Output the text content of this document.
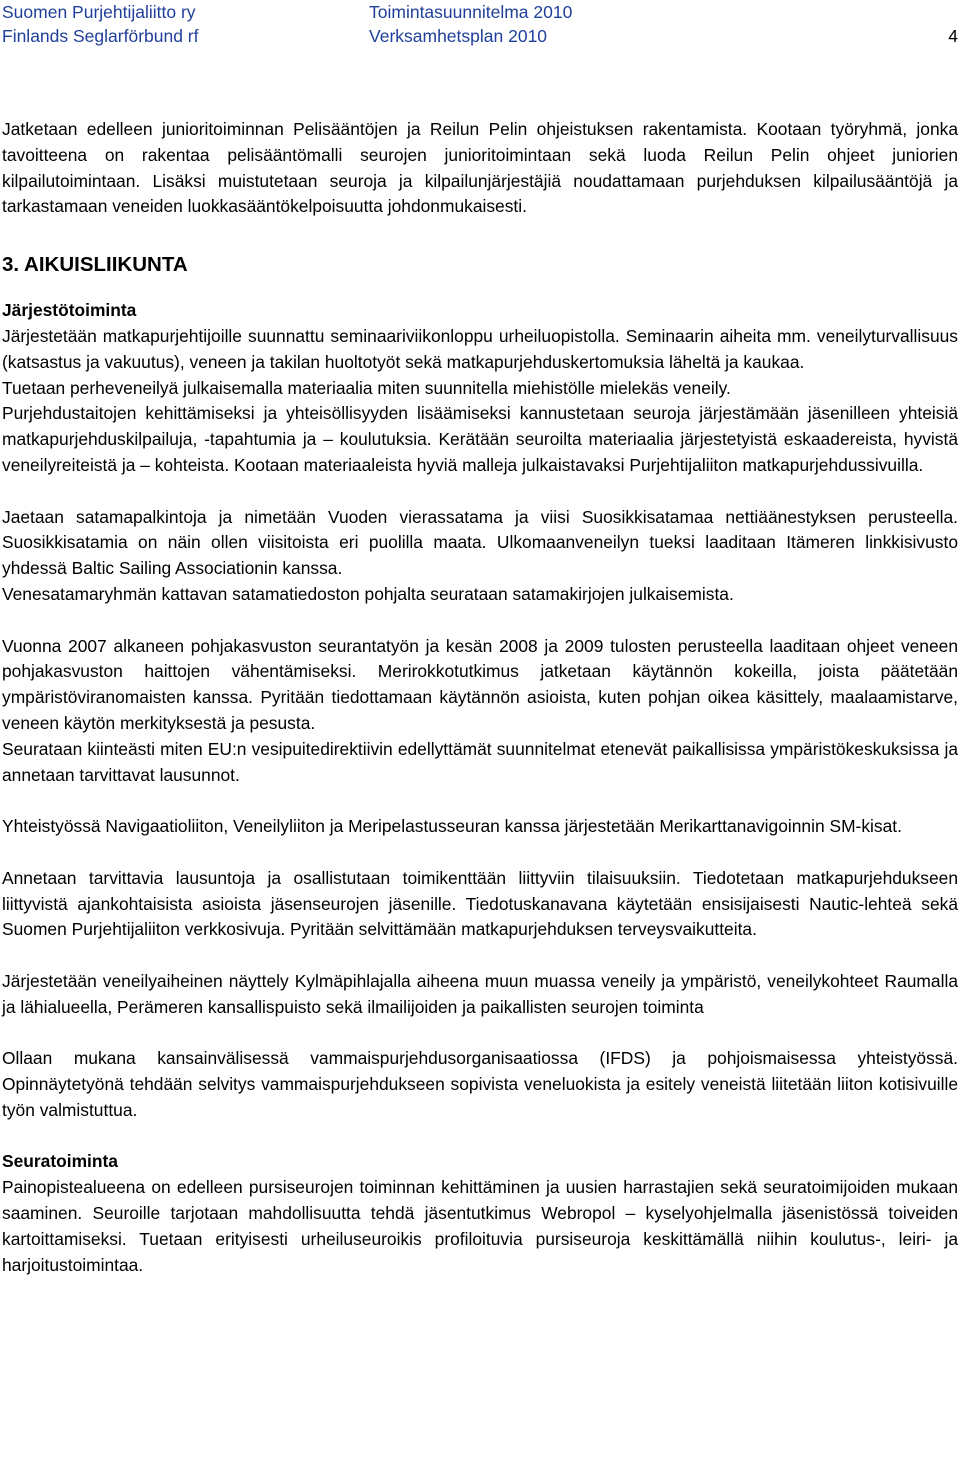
Suomen Purjehtijaliitto ry	Toimintasuunnitelma 2010
Finlands Seglarförbund rf	Verksamhetsplan 2010	4

Jatketaan edelleen junioritoiminnan Pelisääntöjen ja Reilun Pelin ohjeistuksen rakentamista. Kootaan työryhmä, jonka tavoitteena on rakentaa pelisääntömalli seurojen junioritoimintaan sekä luoda Reilun Pelin ohjeet juniorien kilpailutoimintaan. Lisäksi muistutetaan seuroja ja kilpailunjärjestäjiä noudattamaan purjehduksen kilpailusääntöjä ja tarkastamaan veneiden luokkasääntökelpoisuutta johdonmukaisesti.

3. AIKUISLIIKUNTA

Järjestötoiminta

Järjestetään matkapurjehtijoille suunnattu seminaariviikonloppu urheiluopistolla. Seminaarin aiheita mm. veneilyturvallisuus (katsastus ja vakuutus), veneen ja takilan huoltotyöt sekä matkapurjehduskertomuksia läheltä ja kaukaa.

Tuetaan perheveneilyä julkaisemalla materiaalia miten suunnitella miehistölle mielekäs veneily.

Purjehdustaitojen kehittämiseksi ja yhteisöllisyyden lisäämiseksi kannustetaan seuroja järjestämään jäsenilleen yhteisiä matkapurjehduskilpailuja, -tapahtumia ja – koulutuksia. Kerätään seuroilta materiaalia järjestetyistä eskaadereista, hyvistä veneilyreiteistä ja – kohteista. Kootaan materiaaleista hyviä malleja julkaistavaksi Purjehtijaliiton matkapurjehdussivuilla.

Jaetaan satamapalkintoja ja nimetään Vuoden vierassatama ja viisi Suosikkisatamaa nettiäänestyksen perusteella. Suosikkisatamia on näin ollen viisitoista eri puolilla maata. Ulkomaanveneilyn tueksi laaditaan Itämeren linkkisivusto yhdessä Baltic Sailing Associationin kanssa.

Venesatamaryhmän kattavan satamatiedoston pohjalta seurataan satamakirjojen julkaisemista.

Vuonna 2007 alkaneen pohjakasvuston seurantatyön ja kesän 2008 ja 2009 tulosten perusteella laaditaan ohjeet veneen pohjakasvuston haittojen vähentämiseksi. Merirokkotutkimus jatketaan käytännön kokeilla, joista päätetään ympäristöviranomaisten kanssa. Pyritään tiedottamaan käytännön asioista, kuten pohjan oikea käsittely, maalaamistarve, veneen käytön merkityksestä ja pesusta.

Seurataan kiinteästi miten EU:n vesipuitedirektiivin edellyttämät suunnitelmat etenevät paikallisissa ympäristökeskuksissa ja annetaan tarvittavat lausunnot.

Yhteistyössä Navigaatioliiton, Veneilyliiton ja Meripelastusseuran kanssa järjestetään Merikarttanavigoinnin SM-kisat.

Annetaan tarvittavia lausuntoja ja osallistutaan toimikenttään liittyviin tilaisuuksiin. Tiedotetaan matkapurjehdukseen liittyvistä ajankohtaisista asioista jäsenseurojen jäsenille. Tiedotuskanavana käytetään ensisijaisesti Nautic-lehteä sekä Suomen Purjehtijaliiton verkkosivuja. Pyritään selvittämään matkapurjehduksen terveysvaikutteita.

Järjestetään veneilyaiheinen näyttely Kylmäpihlajalla aiheena muun muassa veneily ja ympäristö, veneilykohteet Raumalla ja lähialueella, Perämeren kansallispuisto sekä ilmailijoiden ja paikallisten seurojen toiminta

Ollaan mukana kansainvälisessä vammaispurjehdusorganisaatiossa (IFDS) ja pohjoismaisessa yhteistyössä. Opinnäytetyönä tehdään selvitys vammaispurjehdukseen sopivista veneluokista ja esitely veneistä liitetään liiton kotisivuille työn valmistuttua.

Seuratoiminta

Painopistealueena on edelleen pursiseurojen toiminnan kehittäminen ja uusien harrastajien sekä seuratoimijoiden mukaan saaminen. Seuroille tarjotaan mahdollisuutta tehdä jäsentutkimus Webropol – kyselyohjelmalla jäsenistössä toiveiden kartoittamiseksi. Tuetaan erityisesti urheiluseuroikis profiloituvia pursiseuroja keskittämällä niihin koulutus-, leiri- ja harjoitustoimintaa.
